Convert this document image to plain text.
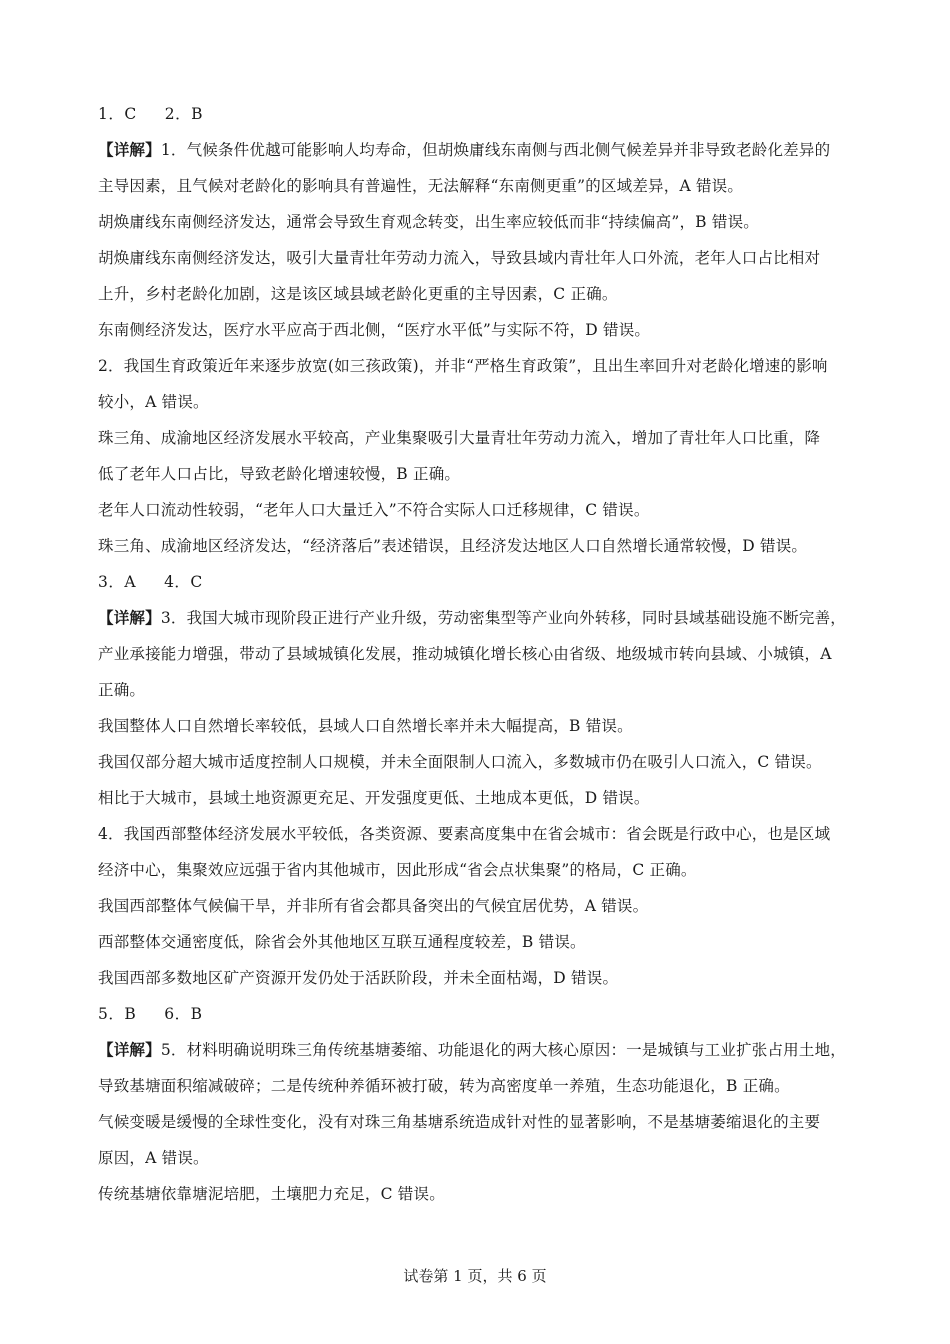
1．C 2．B
【详解】1．气候条件优越可能影响人均寿命，但胡焕庸线东南侧与西北侧气候差异并非导致老龄化差异的
主导因素，且气候对老龄化的影响具有普遍性，无法解释“东南侧更重”的区域差异，A 错误。
胡焕庸线东南侧经济发达，通常会导致生育观念转变，出生率应较低而非“持续偏高”，B 错误。
胡焕庸线东南侧经济发达，吸引大量青壮年劳动力流入，导致县域内青壮年人口外流，老年人口占比相对
上升，乡村老龄化加剧，这是该区域县域老龄化更重的主导因素，C 正确。
东南侧经济发达，医疗水平应高于西北侧，“医疗水平低”与实际不符，D 错误。
2．我国生育政策近年来逐步放宽(如三孩政策)，并非“严格生育政策”，且出生率回升对老龄化增速的影响
较小，A 错误。
珠三角、成渝地区经济发展水平较高，产业集聚吸引大量青壮年劳动力流入，增加了青壮年人口比重，降
低了老年人口占比，导致老龄化增速较慢，B 正确。
老年人口流动性较弱，“老年人口大量迁入”不符合实际人口迁移规律，C 错误。
珠三角、成渝地区经济发达，“经济落后”表述错误，且经济发达地区人口自然增长通常较慢，D 错误。
3．A 4．C
【详解】3．我国大城市现阶段正进行产业升级，劳动密集型等产业向外转移，同时县域基础设施不断完善，
产业承接能力增强，带动了县域城镇化发展，推动城镇化增长核心由省级、地级城市转向县域、小城镇，A
正确。
我国整体人口自然增长率较低，县域人口自然增长率并未大幅提高，B 错误。
我国仅部分超大城市适度控制人口规模，并未全面限制人口流入，多数城市仍在吸引人口流入，C 错误。
相比于大城市，县域土地资源更充足、开发强度更低、土地成本更低，D 错误。
4．我国西部整体经济发展水平较低，各类资源、要素高度集中在省会城市：省会既是行政中心，也是区域
经济中心，集聚效应远强于省内其他城市，因此形成“省会点状集聚”的格局，C 正确。
我国西部整体气候偏干旱，并非所有省会都具备突出的气候宜居优势，A 错误。
西部整体交通密度低，除省会外其他地区互联互通程度较差，B 错误。
我国西部多数地区矿产资源开发仍处于活跃阶段，并未全面枯竭，D 错误。
5．B 6．B
【详解】5．材料明确说明珠三角传统基塘萎缩、功能退化的两大核心原因：一是城镇与工业扩张占用土地，
导致基塘面积缩减破碎；二是传统种养循环被打破，转为高密度单一养殖，生态功能退化，B 正确。
气候变暖是缓慢的全球性变化，没有对珠三角基塘系统造成针对性的显著影响，不是基塘萎缩退化的主要
原因，A 错误。
传统基塘依靠塘泥培肥，土壤肥力充足，C 错误。
试卷第 1 页，共 6 页
